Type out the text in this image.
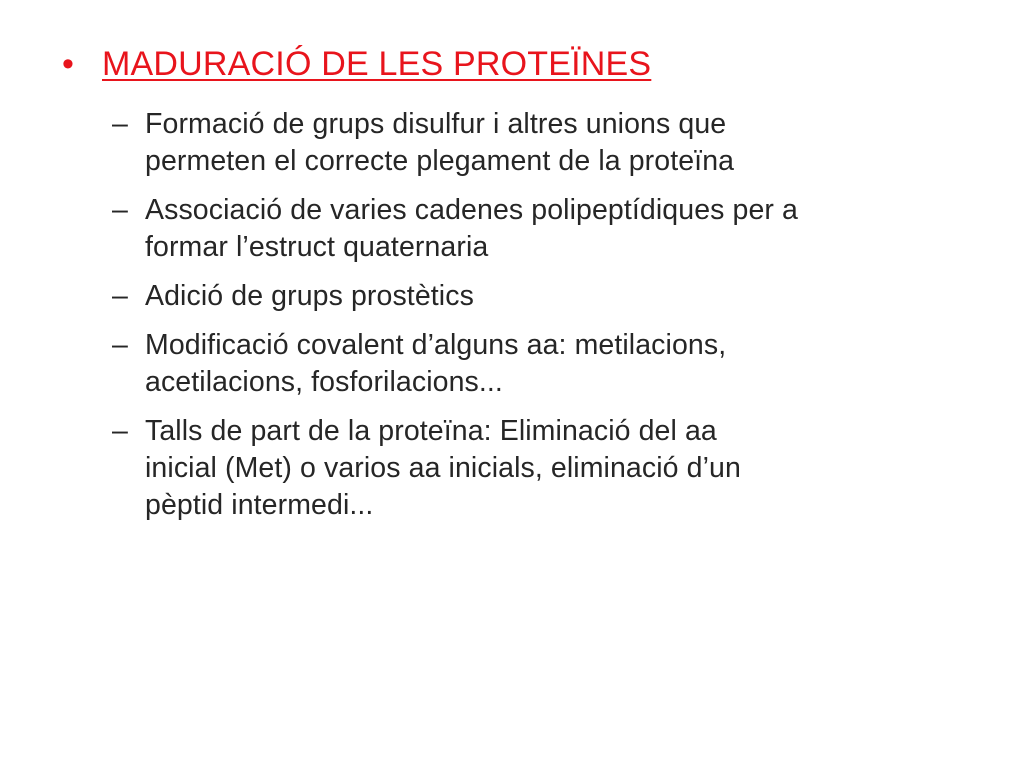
• MADURACIÓ DE LES PROTEÏNES
– Formació de grups disulfur i altres unions que
permeten el correcte plegament de la proteïna
– Associació de varies cadenes polipeptídiques per a
formar l’estruct quaternaria
– Adició de grups prostètics
– Modificació covalent d’alguns aa: metilacions,
acetilacions, fosforilacions...
– Talls de part de la proteïna: Eliminació del aa
inicial (Met) o varios aa inicials, eliminació d’un
pèptid intermedi...
